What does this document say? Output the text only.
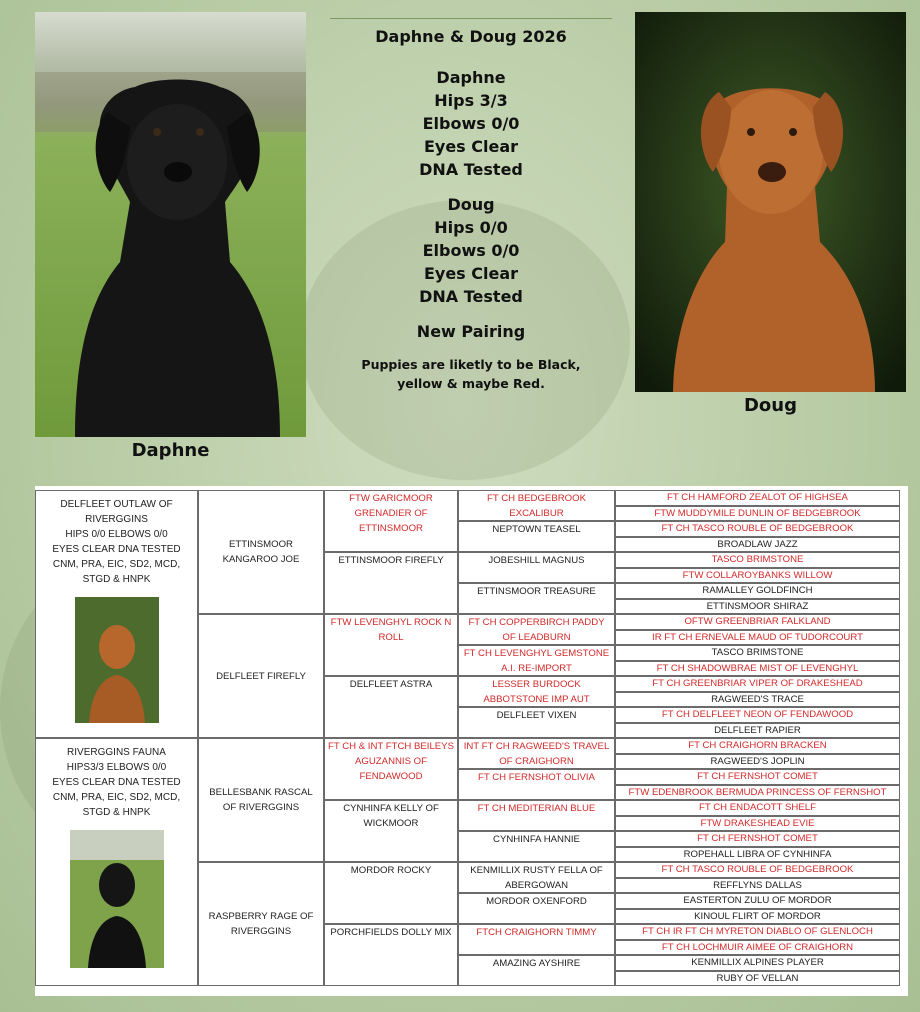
Daphne
Doug
Daphne & Doug 2026
Daphne
Hips 3/3
Elbows 0/0
Eyes Clear
DNA Tested
Doug
Hips 0/0
Elbows 0/0
Eyes Clear
DNA Tested
New Pairing
Puppies are liketly to be Black,
yellow & maybe Red.
DELFLEET OUTLAW OF
RIVERGGINS
HIPS 0/0 ELBOWS 0/0
EYES CLEAR DNA TESTED
CNM, PRA, EIC, SD2, MCD,
STGD & HNPK
RIVERGGINS FAUNA
HIPS3/3 ELBOWS 0/0
EYES CLEAR DNA TESTED
CNM, PRA, EIC, SD2, MCD,
STGD & HNPK
ETTINSMOOR KANGAROO JOE
DELFLEET FIREFLY
BELLESBANK RASCAL OF RIVERGGINS
RASPBERRY RAGE OF RIVERGGINS
FTW GARICMOOR GRENADIER OF ETTINSMOOR
ETTINSMOOR FIREFLY
FTW LEVENGHYL ROCK N ROLL
DELFLEET ASTRA
FT CH & INT FTCH BEILEYS AGUZANNIS OF FENDAWOOD
CYNHINFA KELLY OF WICKMOOR
MORDOR ROCKY
PORCHFIELDS DOLLY MIX
FT CH BEDGEBROOK EXCALIBUR
NEPTOWN TEASEL
JOBESHILL MAGNUS
ETTINSMOOR TREASURE
FT CH COPPERBIRCH PADDY OF LEADBURN
FT CH LEVENGHYL GEMSTONE A.I. RE-IMPORT
LESSER BURDOCK ABBOTSTONE IMP AUT
DELFLEET VIXEN
INT FT CH RAGWEED'S TRAVEL OF CRAIGHORN
FT CH FERNSHOT OLIVIA
FT CH MEDITERIAN BLUE
CYNHINFA HANNIE
KENMILLIX RUSTY FELLA OF ABERGOWAN
MORDOR OXENFORD
FTCH CRAIGHORN TIMMY
AMAZING AYSHIRE
FT CH HAMFORD ZEALOT OF HIGHSEA
FTW MUDDYMILE DUNLIN OF BEDGEBROOK
FT CH TASCO ROUBLE OF BEDGEBROOK
BROADLAW JAZZ
TASCO BRIMSTONE
FTW COLLAROYBANKS WILLOW
RAMALLEY GOLDFINCH
ETTINSMOOR SHIRAZ
OFTW GREENBRIAR FALKLAND
IR FT CH ERNEVALE MAUD OF TUDORCOURT
TASCO BRIMSTONE
FT CH SHADOWBRAE MIST OF LEVENGHYL
FT CH GREENBRIAR VIPER OF DRAKESHEAD
RAGWEED'S TRACE
FT CH DELFLEET NEON OF FENDAWOOD
DELFLEET RAPIER
FT CH CRAIGHORN BRACKEN
RAGWEED'S JOPLIN
FT CH FERNSHOT COMET
FTW EDENBROOK BERMUDA PRINCESS OF FERNSHOT
FT CH ENDACOTT SHELF
FTW DRAKESHEAD EVIE
FT CH FERNSHOT COMET
ROPEHALL LIBRA OF CYNHINFA
FT CH TASCO ROUBLE OF BEDGEBROOK
REFFLYNS DALLAS
EASTERTON ZULU OF MORDOR
KINOUL FLIRT OF MORDOR
FT CH IR FT CH MYRETON DIABLO OF GLENLOCH
FT CH LOCHMUIR AIMEE OF CRAIGHORN
KENMILLIX ALPINES PLAYER
RUBY OF VELLAN
